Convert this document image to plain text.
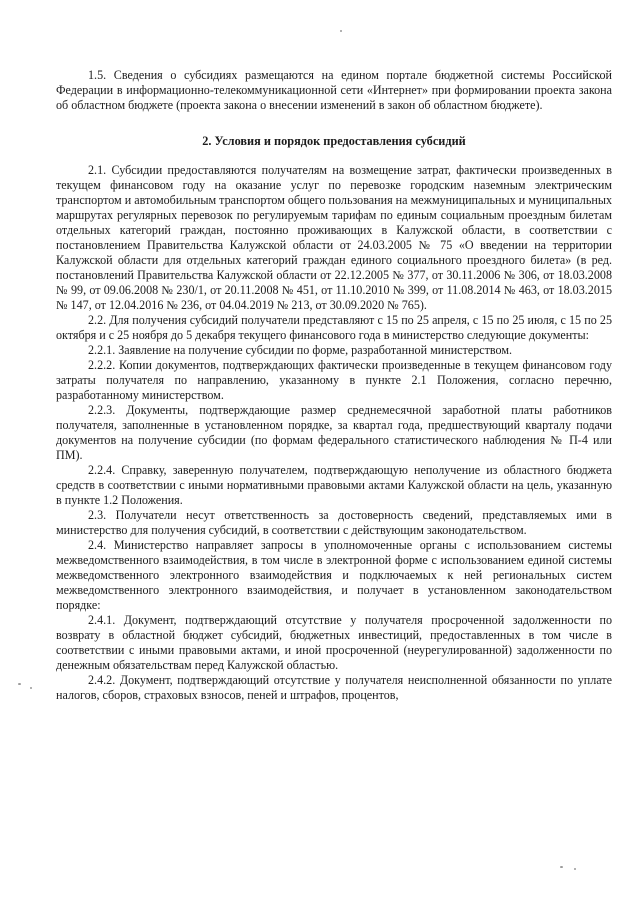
1.5. Сведения о субсидиях размещаются на едином портале бюджетной системы Российской Федерации в информационно-телекоммуникационной сети «Интернет» при формировании проекта закона об областном бюджете (проекта закона о внесении изменений в закон об областном бюджете).

2. Условия и порядок предоставления субсидий

2.1. Субсидии предоставляются получателям на возмещение затрат, фактически произведенных в текущем финансовом году на оказание услуг по перевозке городским наземным электрическим транспортом и автомобильным транспортом общего пользования на межмуниципальных и муниципальных маршрутах регулярных перевозок по регулируемым тарифам по единым социальным проездным билетам отдельных категорий граждан, постоянно проживающих в Калужской области, в соответствии с постановлением Правительства Калужской области от 24.03.2005 № 75 «О введении на территории Калужской области для отдельных категорий граждан единого социального проездного билета» (в ред. постановлений Правительства Калужской области от 22.12.2005 № 377, от 30.11.2006 № 306, от 18.03.2008 № 99, от 09.06.2008 № 230/1, от 20.11.2008 № 451, от 11.10.2010 № 399, от 11.08.2014 № 463, от 18.03.2015 № 147, от 12.04.2016 № 236, от 04.04.2019 № 213, от 30.09.2020 № 765).

2.2. Для получения субсидий получатели представляют с 15 по 25 апреля, с 15 по 25 июля, с 15 по 25 октября и с 25 ноября до 5 декабря текущего финансового года в министерство следующие документы:

2.2.1. Заявление на получение субсидии по форме, разработанной министерством.

2.2.2. Копии документов, подтверждающих фактически произведенные в текущем финансовом году затраты получателя по направлению, указанному в пункте 2.1 Положения, согласно перечню, разработанному министерством.

2.2.3. Документы, подтверждающие размер среднемесячной заработной платы работников получателя, заполненные в установленном порядке, за квартал года, предшествующий кварталу подачи документов на получение субсидии (по формам федерального статистического наблюдения № П-4 или ПМ).

2.2.4. Справку, заверенную получателем, подтверждающую неполучение из областного бюджета средств в соответствии с иными нормативными правовыми актами Калужской области на цель, указанную в пункте 1.2 Положения.

2.3. Получатели несут ответственность за достоверность сведений, представляемых ими в министерство для получения субсидий, в соответствии с действующим законодательством.

2.4. Министерство направляет запросы в уполномоченные органы с использованием системы межведомственного взаимодействия, в том числе в электронной форме с использованием единой системы межведомственного электронного взаимодействия и подключаемых к ней региональных систем межведомственного электронного взаимодействия, и получает в установленном законодательством порядке:

2.4.1. Документ, подтверждающий отсутствие у получателя просроченной задолженности по возврату в областной бюджет субсидий, бюджетных инвестиций, предоставленных в том числе в соответствии с иными правовыми актами, и иной просроченной (неурегулированной) задолженности по денежным обязательствам перед Калужской областью.

2.4.2. Документ, подтверждающий отсутствие у получателя неисполненной обязанности по уплате налогов, сборов, страховых взносов, пеней и штрафов, процентов,
